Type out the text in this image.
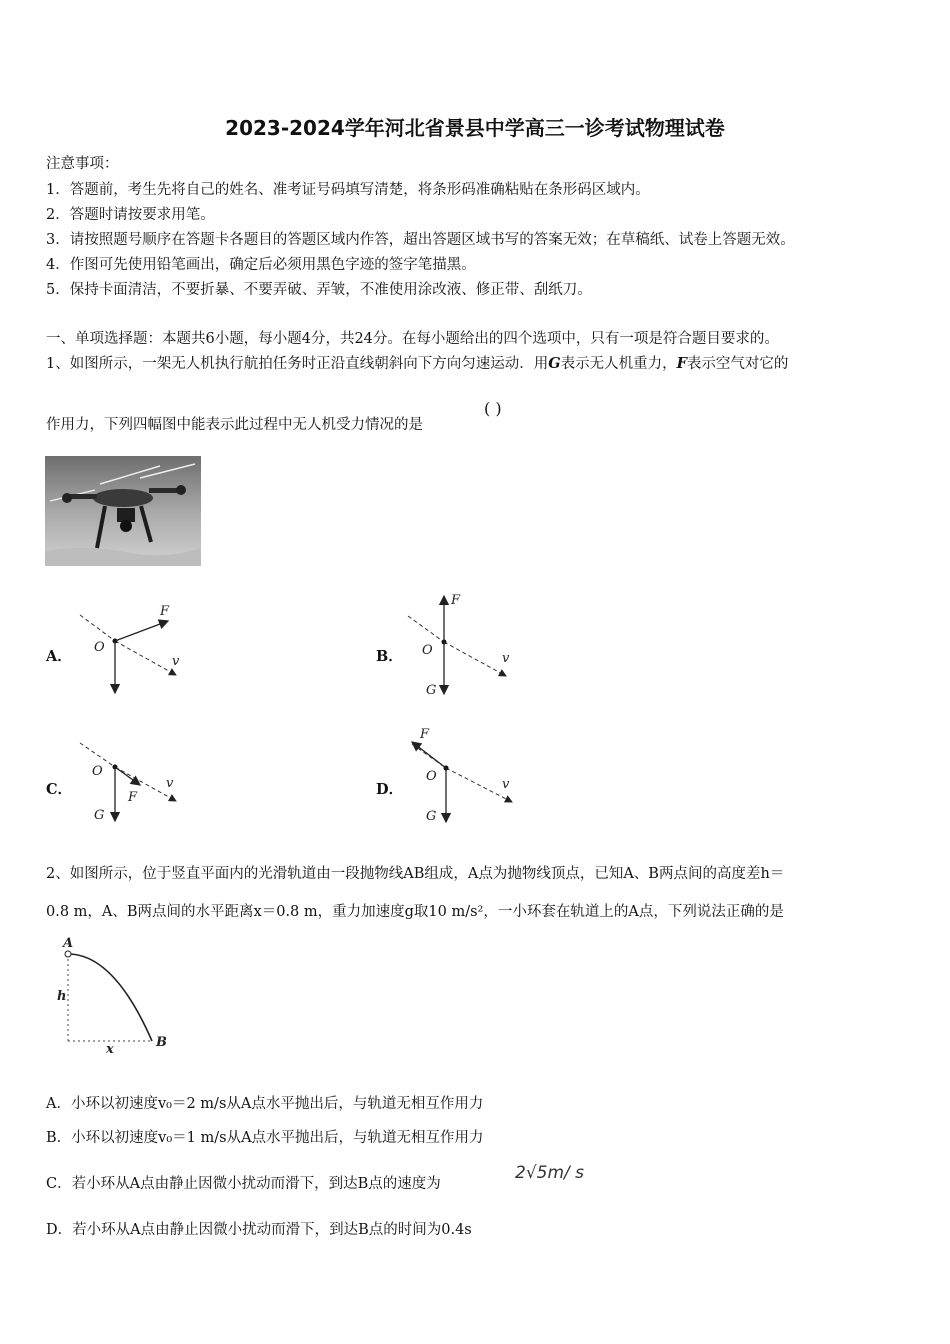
2023-2024学年河北省景县中学高三一诊考试物理试卷
注意事项：
1．答题前，考生先将自己的姓名、准考证号码填写清楚，将条形码准确粘贴在条形码区域内。
2．答题时请按要求用笔。
3．请按照题号顺序在答题卡各题目的答题区域内作答，超出答题区域书写的答案无效；在草稿纸、试卷上答题无效。
4．作图可先使用铅笔画出，确定后必须用黑色字迹的签字笔描黑。
5．保持卡面清洁，不要折暴、不要弄破、弄皱，不准使用涂改液、修正带、刮纸刀。
一、单项选择题：本题共6小题，每小题4分，共24分。在每小题给出的四个选项中，只有一项是符合题目要求的。
1、如图所示，一架无人机执行航拍任务时正沿直线朝斜向下方向匀速运动．用G表示无人机重力，F表示空气对它的
作用力，下列四幅图中能表示此过程中无人机受力情况的是
( )
A．
F
O
v	B．
F
O
v
G
C．
O
F
v
G
D．
F
O
v
G
2、如图所示，位于竖直平面内的光滑轨道由一段抛物线AB组成，A点为抛物线顶点，已知A、B两点间的高度差h＝
0.8 m，A、B两点间的水平距离x＝0.8 m，重力加速度g取10 m/s²，一小环套在轨道上的A点，下列说法正确的是
A
B
h
x
A．小环以初速度v₀＝2 m/s从A点水平抛出后，与轨道无相互作用力
B．小环以初速度v₀＝1 m/s从A点水平抛出后，与轨道无相互作用力
C．若小环从A点由静止因微小扰动而滑下，到达B点的速度为
2√5m/ s
D．若小环从A点由静止因微小扰动而滑下，到达B点的时间为0.4s
